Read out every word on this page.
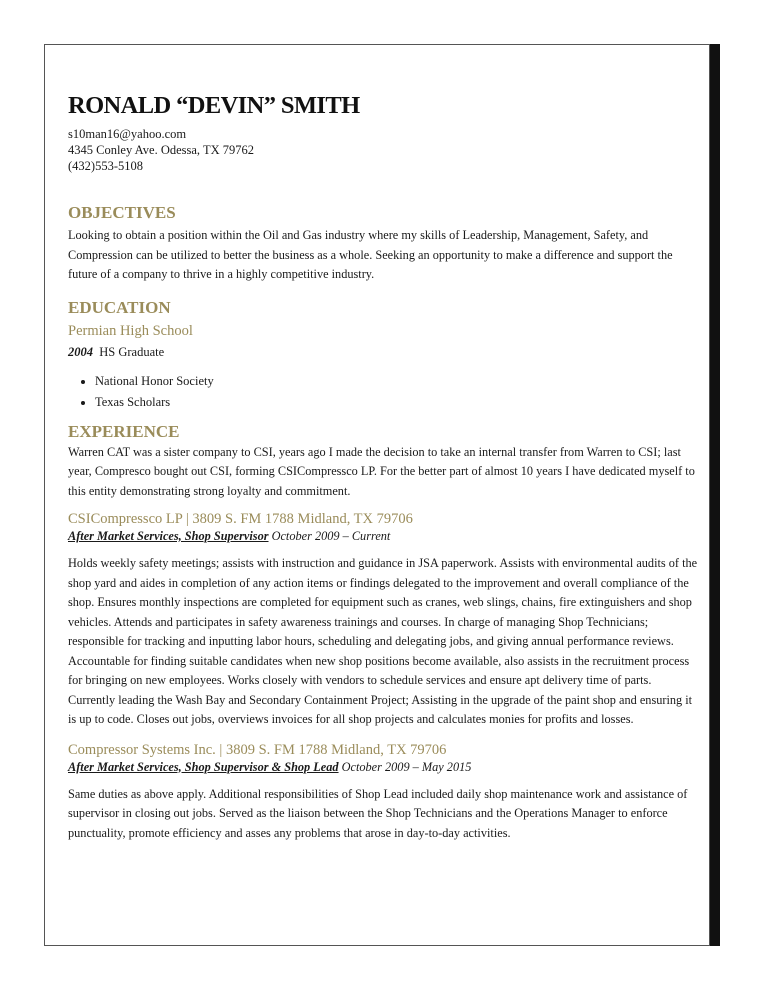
RONALD “DEVIN” SMITH
s10man16@yahoo.com
4345 Conley Ave. Odessa, TX 79762
(432)553-5108
OBJECTIVES

Looking to obtain a position within the Oil and Gas industry where my skills of Leadership, Management, Safety, and Compression can be utilized to better the business as a whole. Seeking an opportunity to make a difference and support the future of a company to thrive in a highly competitive industry.

EDUCATION
Permian High School
2004 HS Graduate
• National Honor Society
• Texas Scholars
EXPERIENCE

Warren CAT was a sister company to CSI, years ago I made the decision to take an internal transfer from Warren to CSI; last year, Compresco bought out CSI, forming CSICompressco LP. For the better part of almost 10 years I have dedicated myself to this entity demonstrating strong loyalty and commitment.

CSICompressco LP | 3809 S. FM 1788 Midland, TX 79706
After Market Services, Shop Supervisor October 2009 – Current

Holds weekly safety meetings; assists with instruction and guidance in JSA paperwork. Assists with environmental audits of the shop yard and aides in completion of any action items or findings delegated to the improvement and overall compliance of the shop. Ensures monthly inspections are completed for equipment such as cranes, web slings, chains, fire extinguishers and shop vehicles. Attends and participates in safety awareness trainings and courses. In charge of managing Shop Technicians; responsible for tracking and inputting labor hours, scheduling and delegating jobs, and giving annual performance reviews. Accountable for finding suitable candidates when new shop positions become available, also assists in the recruitment process for bringing on new employees. Works closely with vendors to schedule services and ensure apt delivery time of parts. Currently leading the Wash Bay and Secondary Containment Project; Assisting in the upgrade of the paint shop and ensuring it is up to code. Closes out jobs, overviews invoices for all shop projects and calculates monies for profits and losses.

Compressor Systems Inc. | 3809 S. FM 1788 Midland, TX 79706
After Market Services, Shop Supervisor & Shop Lead October 2009 – May 2015

Same duties as above apply. Additional responsibilities of Shop Lead included daily shop maintenance work and assistance of supervisor in closing out jobs. Served as the liaison between the Shop Technicians and the Operations Manager to enforce punctuality, promote efficiency and asses any problems that arose in day-to-day activities.
